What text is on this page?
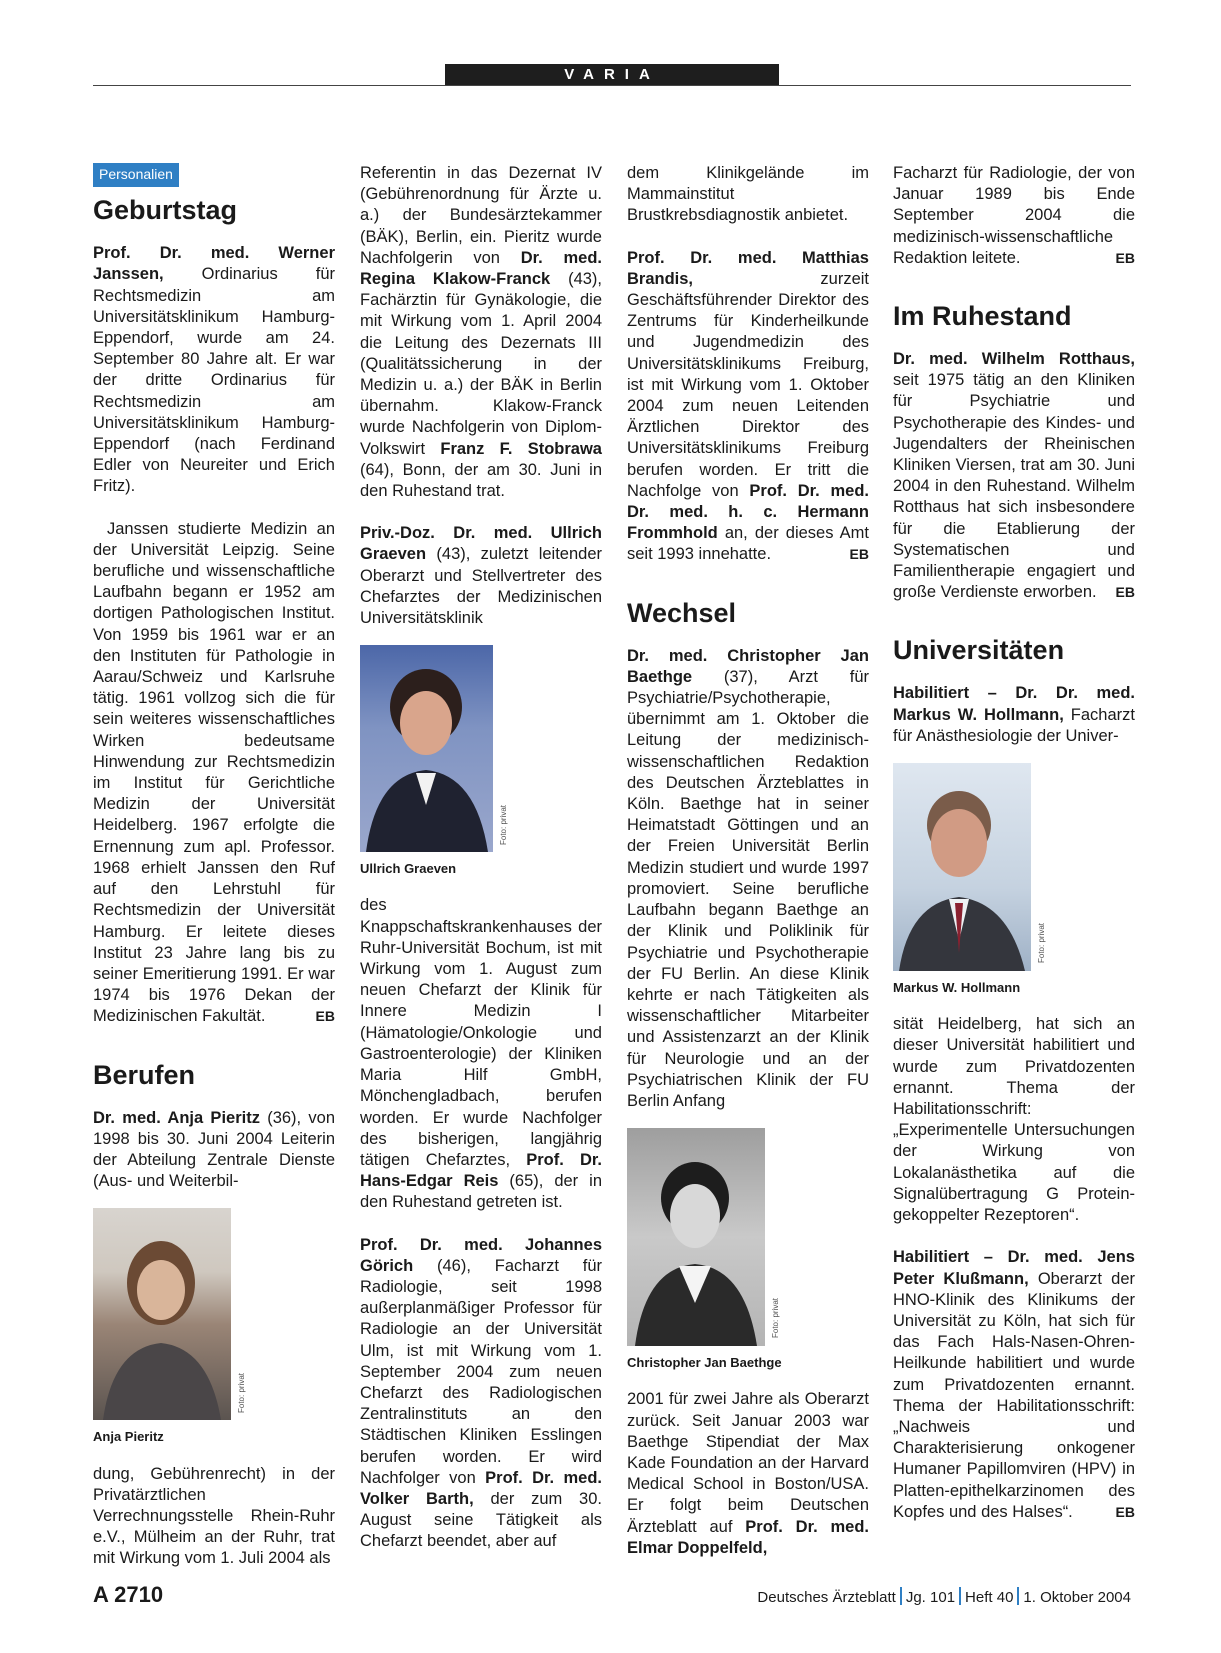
VARIA
Personalien
Geburtstag

Prof. Dr. med. Werner Janssen, Ordinarius für Rechtsmedizin am Universitätsklinikum Hamburg-Eppendorf, wurde am 24. September 80 Jahre alt. Er war der dritte Ordinarius für Rechtsmedizin am Universitätsklinikum Hamburg-Eppendorf (nach Ferdinand Edler von Neureiter und Erich Fritz).

Janssen studierte Medizin an der Universität Leipzig. Seine berufliche und wissenschaftliche Laufbahn begann er 1952 am dortigen Pathologischen Institut. Von 1959 bis 1961 war er an den Instituten für Pathologie in Aarau/Schweiz und Karlsruhe tätig. 1961 vollzog sich die für sein weiteres wissenschaftliches Wirken bedeutsame Hinwendung zur Rechtsmedizin im Institut für Gerichtliche Medizin der Universität Heidelberg. 1967 erfolgte die Ernennung zum apl. Professor. 1968 erhielt Janssen den Ruf auf den Lehrstuhl für Rechtsmedizin der Universität Hamburg. Er leitete dieses Institut 23 Jahre lang bis zu seiner Emeritierung 1991. Er war 1974 bis 1976 Dekan der Medizinischen Fakultät.	EB

Berufen

Dr. med. Anja Pieritz (36), von 1998 bis 30. Juni 2004 Leiterin der Abteilung Zentrale Dienste (Aus- und Weiterbil-

Foto: privat
Anja Pieritz

dung, Gebührenrecht) in der Privatärztlichen Verrechnungsstelle Rhein-Ruhr e.V., Mülheim an der Ruhr, trat mit Wirkung vom 1. Juli 2004 als

Referentin in das Dezernat IV (Gebührenordnung für Ärzte u. a.) der Bundesärztekammer (BÄK), Berlin, ein. Pieritz wurde Nachfolgerin von Dr. med. Regina Klakow-Franck (43), Fachärztin für Gynäkologie, die mit Wirkung vom 1. April 2004 die Leitung des Dezernats III (Qualitätssicherung in der Medizin u. a.) der BÄK in Berlin übernahm. Klakow-Franck wurde Nachfolgerin von Diplom-Volkswirt Franz F. Stobrawa (64), Bonn, der am 30. Juni in den Ruhestand trat.

Priv.-Doz. Dr. med. Ullrich Graeven (43), zuletzt leitender Oberarzt und Stellvertreter des Chefarztes der Medizinischen Universitätsklinik

Foto: privat
Ullrich Graeven

des Knappschaftskrankenhauses der Ruhr-Universität Bochum, ist mit Wirkung vom 1. August zum neuen Chefarzt der Klinik für Innere Medizin I (Hämatologie/Onkologie und Gastroenterologie) der Kliniken Maria Hilf GmbH, Mönchengladbach, berufen worden. Er wurde Nachfolger des bisherigen, langjährig tätigen Chefarztes, Prof. Dr. Hans-Edgar Reis (65), der in den Ruhestand getreten ist.

Prof. Dr. med. Johannes Görich (46), Facharzt für Radiologie, seit 1998 außerplanmäßiger Professor für Radiologie an der Universität Ulm, ist mit Wirkung vom 1. September 2004 zum neuen Chefarzt des Radiologischen Zentralinstituts an den Städtischen Kliniken Esslingen berufen worden. Er wird Nachfolger von Prof. Dr. med. Volker Barth, der zum 30. August seine Tätigkeit als Chefarzt beendet, aber auf

dem Klinikgelände im Mammainstitut Brustkrebsdiagnostik anbietet.

Prof. Dr. med. Matthias Brandis, zurzeit Geschäftsführender Direktor des Zentrums für Kinderheilkunde und Jugendmedizin des Universitätsklinikums Freiburg, ist mit Wirkung vom 1. Oktober 2004 zum neuen Leitenden Ärztlichen Direktor des Universitätsklinikums Freiburg berufen worden. Er tritt die Nachfolge von Prof. Dr. med. Dr. med. h. c. Hermann Frommhold an, der dieses Amt seit 1993 innehatte.	EB

Wechsel

Dr. med. Christopher Jan Baethge (37), Arzt für Psychiatrie/Psychotherapie, übernimmt am 1. Oktober die Leitung der medizinisch-wissenschaftlichen Redaktion des Deutschen Ärzteblattes in Köln. Baethge hat in seiner Heimatstadt Göttingen und an der Freien Universität Berlin Medizin studiert und wurde 1997 promoviert. Seine berufliche Laufbahn begann Baethge an der Klinik und Poliklinik für Psychiatrie und Psychotherapie der FU Berlin. An diese Klinik kehrte er nach Tätigkeiten als wissenschaftlicher Mitarbeiter und Assistenzarzt an der Klinik für Neurologie und an der Psychiatrischen Klinik der FU Berlin Anfang

Foto: privat
Christopher Jan Baethge

2001 für zwei Jahre als Oberarzt zurück. Seit Januar 2003 war Baethge Stipendiat der Max Kade Foundation an der Harvard Medical School in Boston/USA. Er folgt beim Deutschen Ärzteblatt auf Prof. Dr. med. Elmar Doppelfeld,

Facharzt für Radiologie, der von Januar 1989 bis Ende September 2004 die medizinisch-wissenschaftliche Redaktion leitete.	EB

Im Ruhestand

Dr. med. Wilhelm Rotthaus, seit 1975 tätig an den Kliniken für Psychiatrie und Psychotherapie des Kindes- und Jugendalters der Rheinischen Kliniken Viersen, trat am 30. Juni 2004 in den Ruhestand. Wilhelm Rotthaus hat sich insbesondere für die Etablierung der Systematischen und Familientherapie engagiert und große Verdienste erworben. EB

Universitäten

Habilitiert – Dr. Dr. med. Markus W. Hollmann, Facharzt für Anästhesiologie der Univer-

Foto: privat
Markus W. Hollmann

sität Heidelberg, hat sich an dieser Universität habilitiert und wurde zum Privatdozenten ernannt. Thema der Habilitationsschrift: „Experimentelle Untersuchungen der Wirkung von Lokalanästhetika auf die Signalübertragung G Protein-gekoppelter Rezeptoren“.

Habilitiert – Dr. med. Jens Peter Klußmann, Oberarzt der HNO-Klinik des Klinikums der Universität zu Köln, hat sich für das Fach Hals-Nasen-Ohren-Heilkunde habilitiert und wurde zum Privatdozenten ernannt. Thema der Habilitationsschrift: „Nachweis und Charakterisierung onkogener Humaner Papillomviren (HPV) in Platten-epithelkarzinomen des Kopfes und des Halses“.	EB

A 2710	Deutsches Ärzteblatt Jg. 101 Heft 40 1. Oktober 2004
